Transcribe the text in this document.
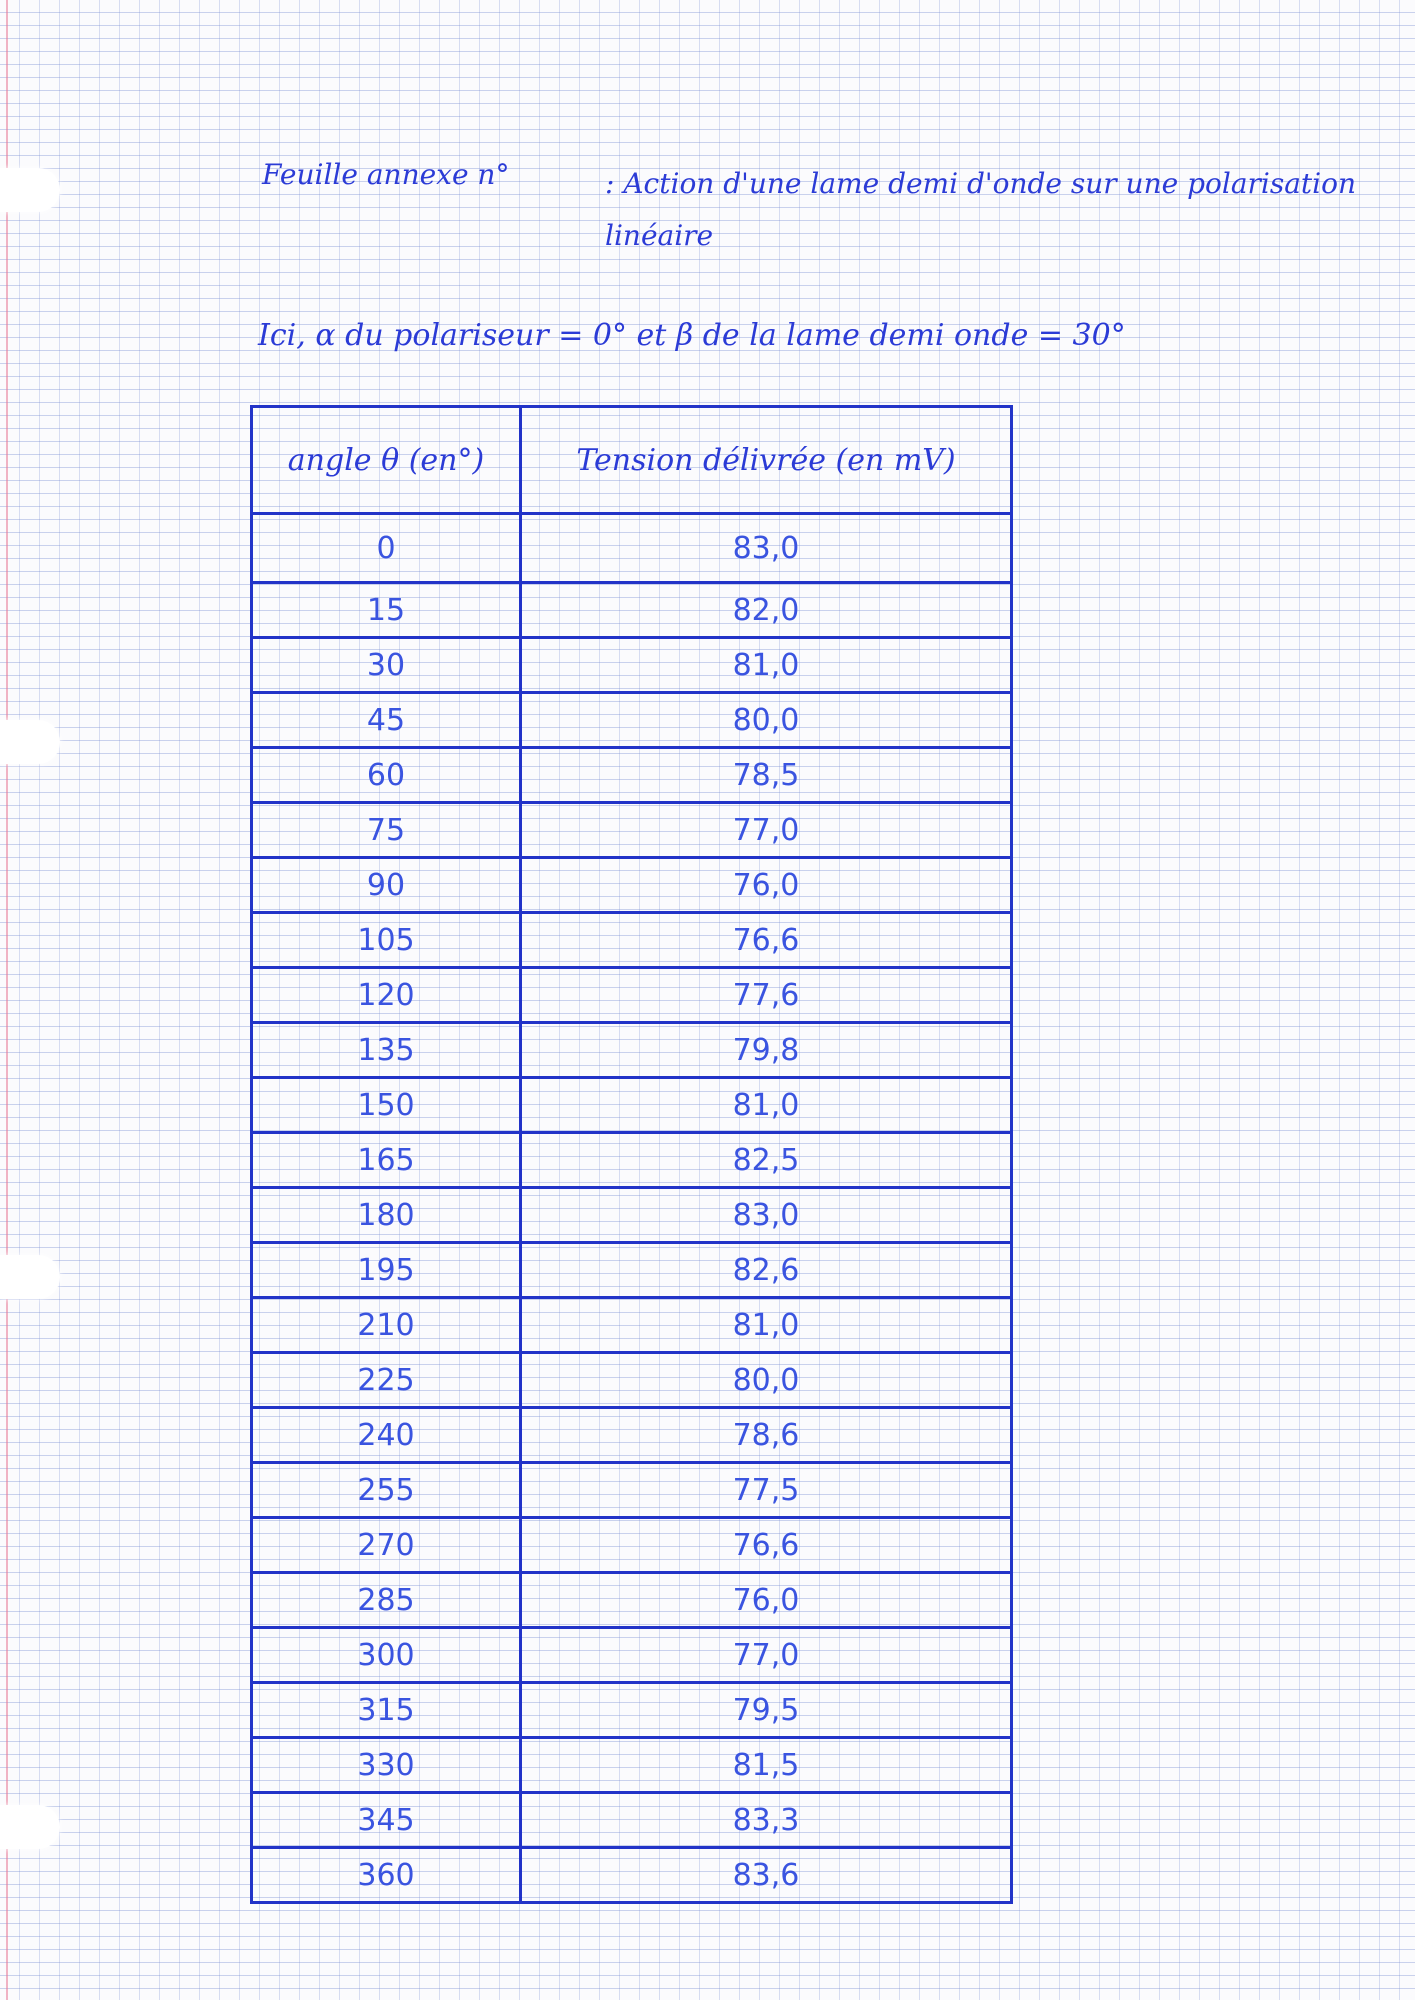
Feuille annexe n°	: Action d'une lame demi d'onde sur une polarisation linéaire
Ici, α du polariseur = 0° et β de la lame demi onde = 30°
angle θ (en°)	Tension délivrée (en mV)
0	83,0
15	82,0
30	81,0
45	80,0
60	78,5
75	77,0
90	76,0
105	76,6
120	77,6
135	79,8
150	81,0
165	82,5
180	83,0
195	82,6
210	81,0
225	80,0
240	78,6
255	77,5
270	76,6
285	76,0
300	77,0
315	79,5
330	81,5
345	83,3
360	83,6
